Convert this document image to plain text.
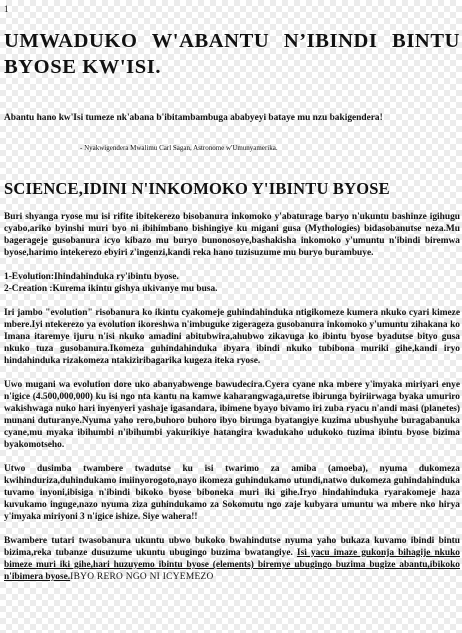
1

UMWADUKO W'ABANTU N’IBINDI BINTU BYOSE KW'ISI.

Abantu hano kw'Isi tumeze nk'abana b'ibitambambuga ababyeyi bataye mu nzu bakigendera!

- Nyakwigendera Mwalimu Carl Sagan, Astronome w'Umunyamerika.

SCIENCE,IDINI N'INKOMOKO Y'IBINTU BYOSE

Buri shyanga ryose mu isi rifite ibitekerezo bisobanura inkomoko y'abaturage baryo n'ukuntu bashinze igihugu cyabo,ariko byinshi muri byo ni ibihimbano bishingiye ku migani gusa (Mythologies) bidasobanutse neza.Mu bagerageje gusobanura icyo kibazo mu buryo bunonosoye,bashakisha inkomoko y'umuntu n'ibindi biremwa byose,harimo intekerezo ebyiri z'ingenzi,kandi reka hano tuzisuzume mu buryo burambuye.

1-Evolution:Ihindahinduka ry'ibintu byose.
2-Creation :Kurema ikintu gishya ukivanye mu busa.

Iri jambo "evolution" risobanura ko ikintu cyakomeje guhindahinduka ntigikomeze kumera nkuko cyari kimeze mbere.Iyi ntekerezo ya evolution ikoreshwa n'imbuguke zigerageza gusobanura inkomoko y'umuntu zihakana ko Imana itaremye ijuru n'isi nkuko amadini abitubwira,ahubwo zikavuga ko ibintu byose byadutse bityo gusa nkuko tuza gusobanura.Ikomeza guhindahinduka ibyara ibindi nkuko tubibona muriki gihe,kandi iryo hindahinduka rizakomeza ntakiziribagarika kugeza iteka ryose.

Uwo mugani wa evolution dore uko abanyabwenge bawudecira.Cyera cyane nka mbere y'imyaka miriyari enye n'igice (4.500,000,000) ku isi ngo nta kantu na kamwe kaharangwaga,uretse ibirunga byiriirwaga byaka umuriro wakishwaga nuko hari inyenyeri yashaje igasandara, ibimene byayo bivamo iri zuba ryacu n'andi masi (planetes) munani duturanye.Nyuma yaho rero,buhoro buhoro ibyo birunga byatangiye kuzima ubushyuhe buragabanuka cyane,mu myaka ibihumbi n'ibihumbi yakurikiye hatangira kwadukaho udukoko tuzima ibintu byose bizima byakomotseho.

Utwo dusimba twambere twadutse ku isi twarimo za amiba (amoeba), nyuma dukomeza kwihinduriza,duhindukamo imiinyorogoto,nayo ikomeza guhindukamo utundi,natwo dukomeza guhindahinduka tuvamo inyoni,ibisiga n'ibindi bikoko byose biboneka muri iki gihe.Iryo hindahinduka ryarakomeje haza kuvukamo inguge,nazo nyuma ziza guhindukamo za Sokomutu ngo zaje kubyara umuntu wa mbere nko hirya y'imyaka miriyoni 3 n'igice ishize. Siye wahera!!

Bwambere tutari twasobanura ukuntu ubwo bukoko bwahindutse nyuma yaho bukaza kuvamo ibindi bintu bizima,reka tubanze dusuzume ukuntu ubugingo buzima bwatangiye. Isi yacu imaze gukonja bihagije nkuko bimeze muri iki gihe,hari huzuyemo ibintu byose (elements) biremye ubugingo buzima bugize abantu,ibikoko n'ibimera byose.IBYO RERO NGO NI ICYEMEZO
